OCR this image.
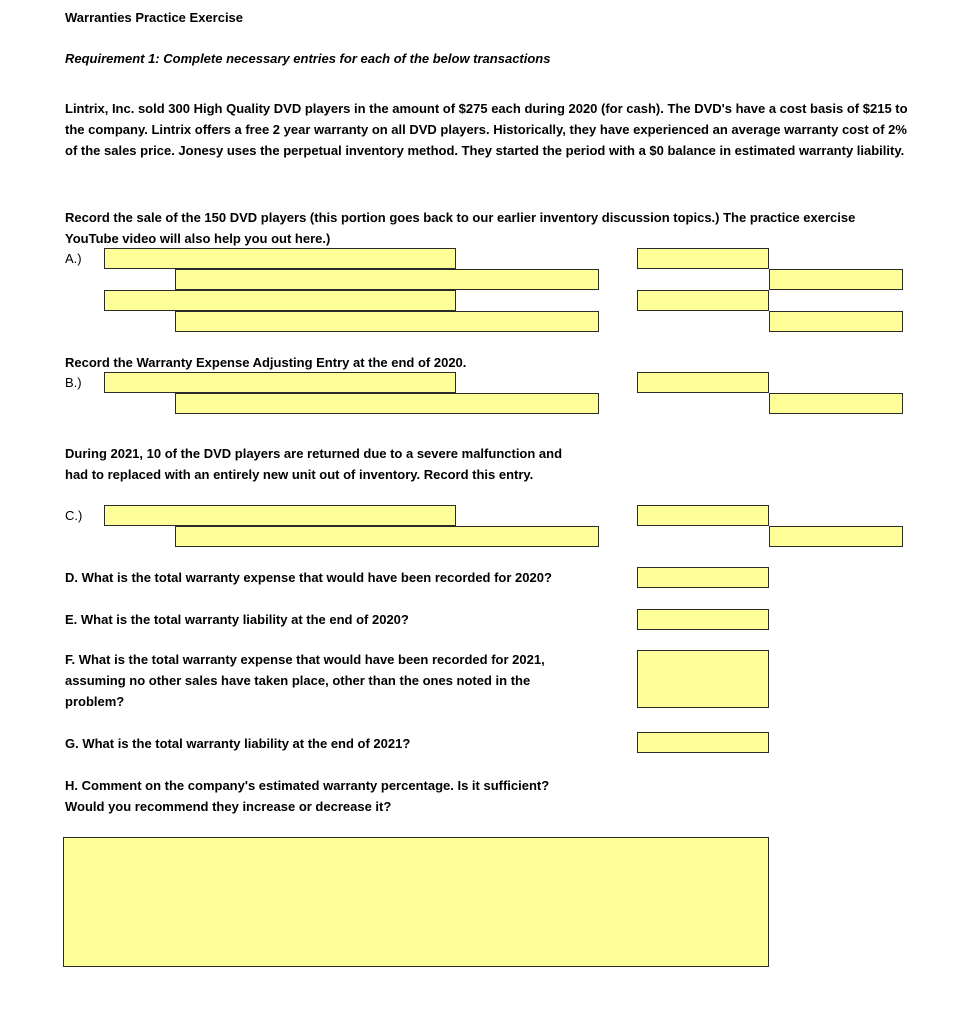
Warranties Practice Exercise
Requirement 1: Complete necessary entries for each of the below transactions
Lintrix, Inc. sold 300 High Quality DVD players in the amount of $275 each during 2020 (for cash). The DVD's have a cost basis of $215 to the company. Lintrix offers a free 2 year warranty on all DVD players. Historically, they have experienced an average warranty cost of 2% of the sales price. Jonesy uses the perpetual inventory method. They started the period with a $0 balance in estimated warranty liability.
Record the sale of the 150 DVD players (this portion goes back to our earlier inventory discussion topics.) The practice exercise YouTube video will also help you out here.)
A.)
Record the Warranty Expense Adjusting Entry at the end of 2020.
B.)
During 2021, 10 of the DVD players are returned due to a severe malfunction and had to replaced with an entirely new unit out of inventory. Record this entry.
C.)
D. What is the total warranty expense that would have been recorded for 2020?
E. What is the total warranty liability at the end of 2020?
F. What is the total warranty expense that would have been recorded for 2021, assuming no other sales have taken place, other than the ones noted in the problem?
G. What is the total warranty liability at the end of 2021?
H. Comment on the company's estimated warranty percentage. Is it sufficient? Would you recommend they increase or decrease it?
